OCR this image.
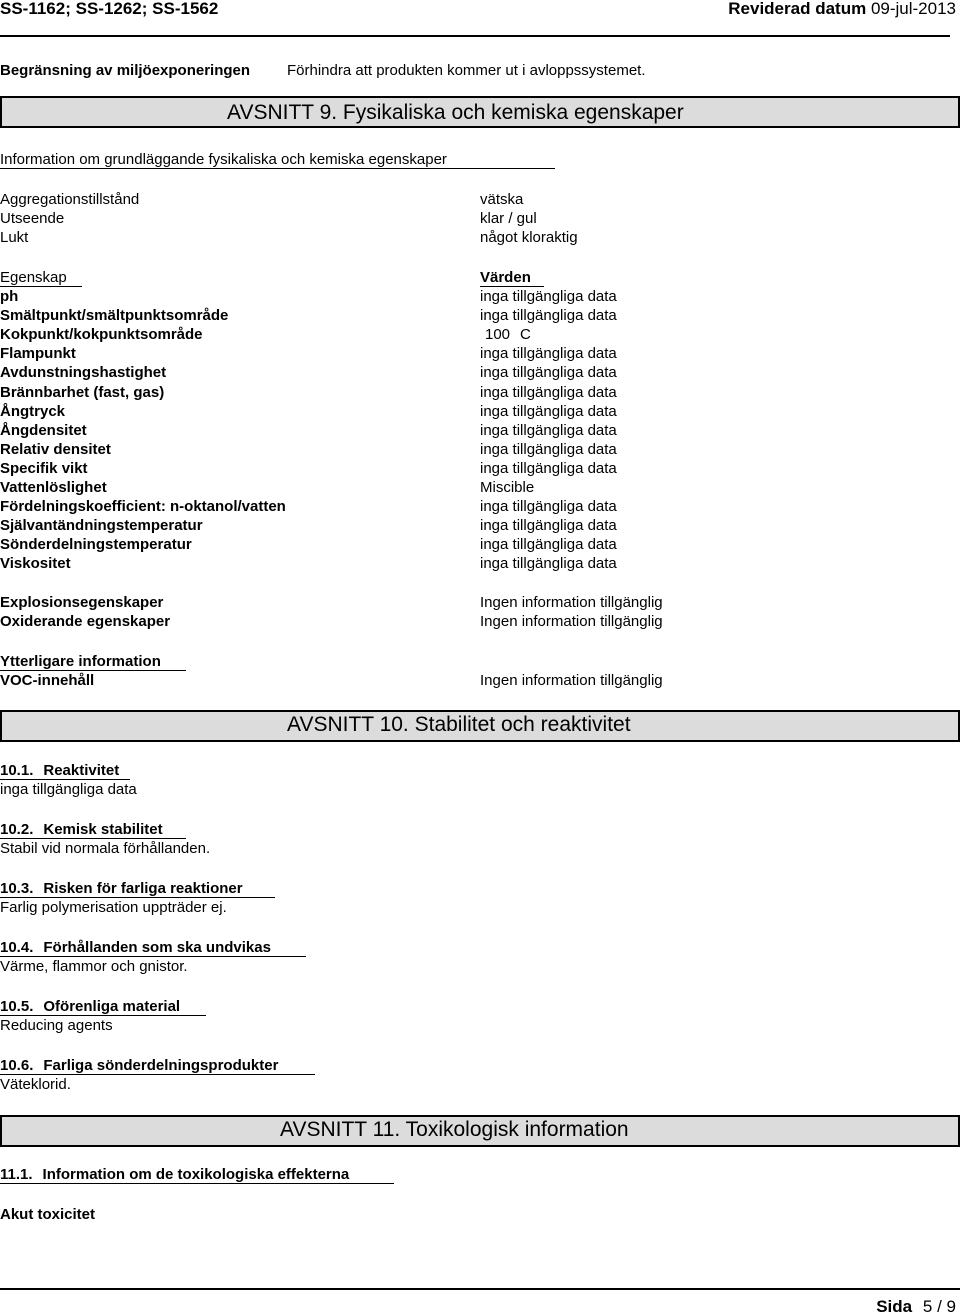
SS-1162; SS-1262; SS-1562	Reviderad datum 09-jul-2013
Begränsning av miljöexponeringen Förhindra att produkten kommer ut i avloppssystemet.
AVSNITT 9. Fysikaliska och kemiska egenskaper
Information om grundläggande fysikaliska och kemiska egenskaper
Aggregationstillstånd	vätska
Utseende	klar / gul
Lukt	något kloraktig
Egenskap	Värden
ph	inga tillgängliga data
Smältpunkt/smältpunktsområde	inga tillgängliga data
Kokpunkt/kokpunktsområde	100 C
Flampunkt	inga tillgängliga data
Avdunstningshastighet	inga tillgängliga data
Brännbarhet (fast, gas)	inga tillgängliga data
Ångtryck	inga tillgängliga data
Ångdensitet	inga tillgängliga data
Relativ densitet	inga tillgängliga data
Specifik vikt	inga tillgängliga data
Vattenlöslighet	Miscible
Fördelningskoefficient: n-oktanol/vatten	inga tillgängliga data
Självantändningstemperatur	inga tillgängliga data
Sönderdelningstemperatur	inga tillgängliga data
Viskositet	inga tillgängliga data
Explosionsegenskaper	Ingen information tillgänglig
Oxiderande egenskaper	Ingen information tillgänglig
Ytterligare information
VOC-innehåll	Ingen information tillgänglig
AVSNITT 10. Stabilitet och reaktivitet
10.1. Reaktivitet
inga tillgängliga data
10.2. Kemisk stabilitet
Stabil vid normala förhållanden.
10.3. Risken för farliga reaktioner
Farlig polymerisation uppträder ej.
10.4. Förhållanden som ska undvikas
Värme, flammor och gnistor.
10.5. Oförenliga material
Reducing agents
10.6. Farliga sönderdelningsprodukter
Väteklorid.
AVSNITT 11. Toxikologisk information
11.1. Information om de toxikologiska effekterna
Akut toxicitet
Sida 5 / 9
